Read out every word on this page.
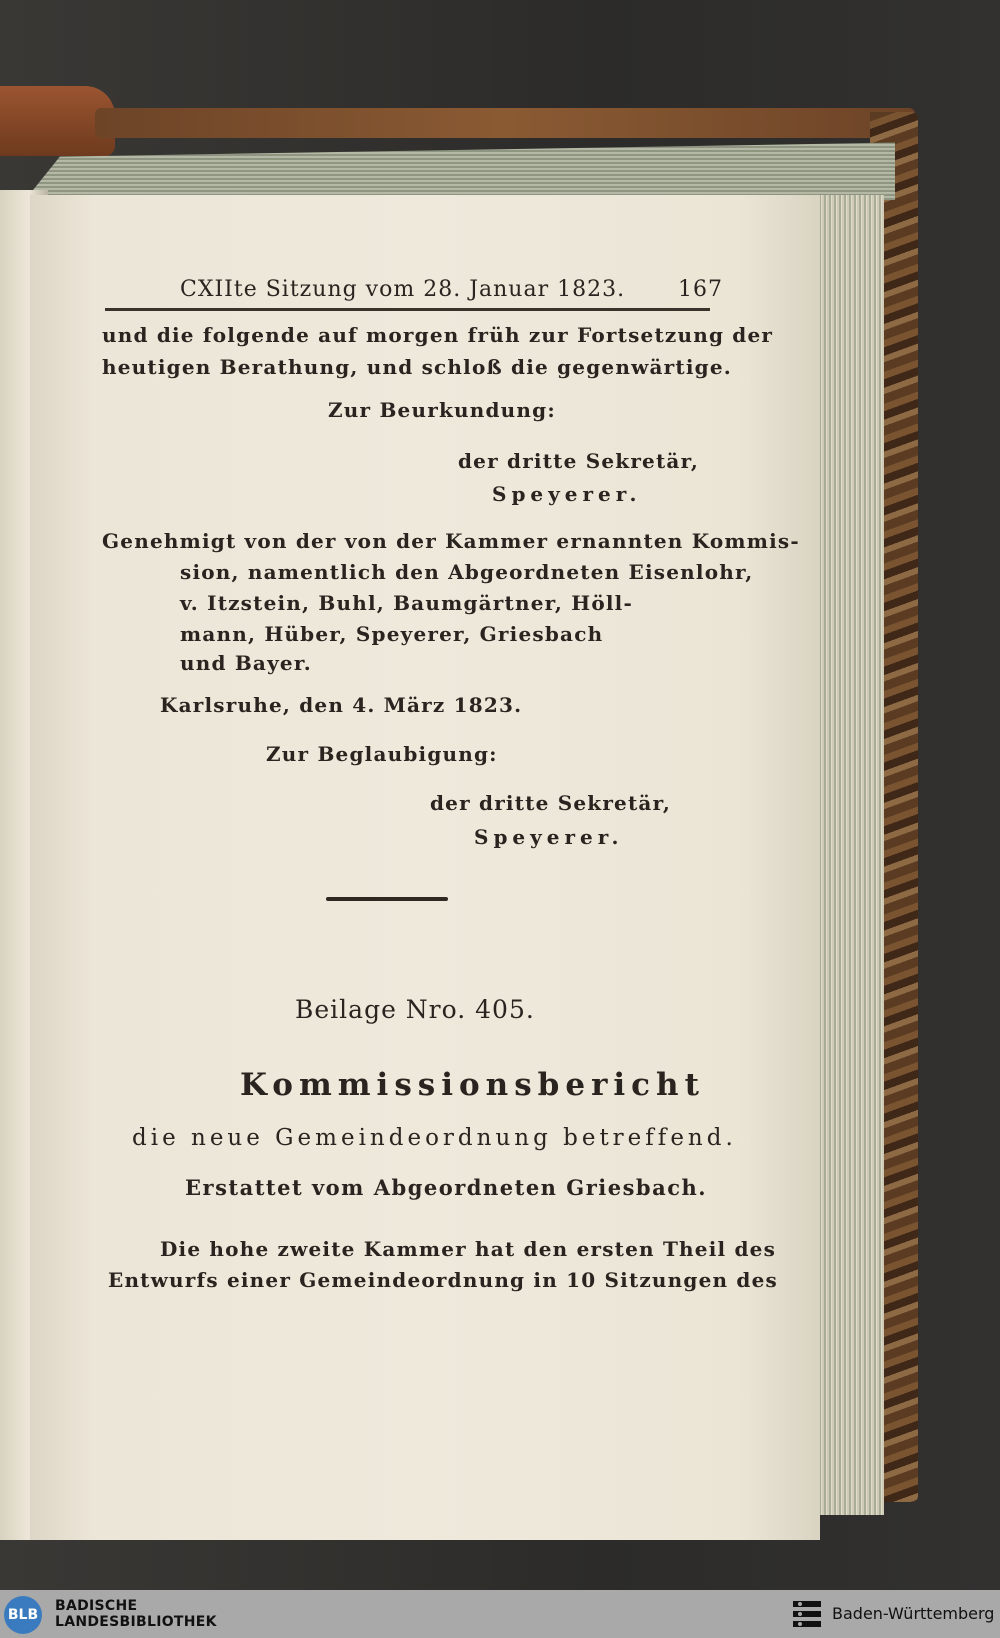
CXIIte Sitzung vom 28. Januar 1823. 167
und die folgende auf morgen früh zur Fortsetzung der
heutigen Berathung, und schloß die gegenwärtige.
Zur Beurkundung:
der dritte Sekretär,
Speyerer.
Genehmigt von der von der Kammer ernannten Kommis-
sion, namentlich den Abgeordneten Eisenlohr,
v. Itzstein, Buhl, Baumgärtner, Höll-
mann, Hüber, Speyerer, Griesbach
und Bayer.
Karlsruhe, den 4. März 1823.
Zur Beglaubigung:
der dritte Sekretär,
Speyerer.
Beilage Nro. 405.
Kommissionsbericht
die neue Gemeindeordnung betreffend.
Erstattet vom Abgeordneten Griesbach.
Die hohe zweite Kammer hat den ersten Theil des
Entwurfs einer Gemeindeordnung in 10 Sitzungen des
BLB
BADISCHE
LANDESBIBLIOTHEK	Baden-Württemberg
